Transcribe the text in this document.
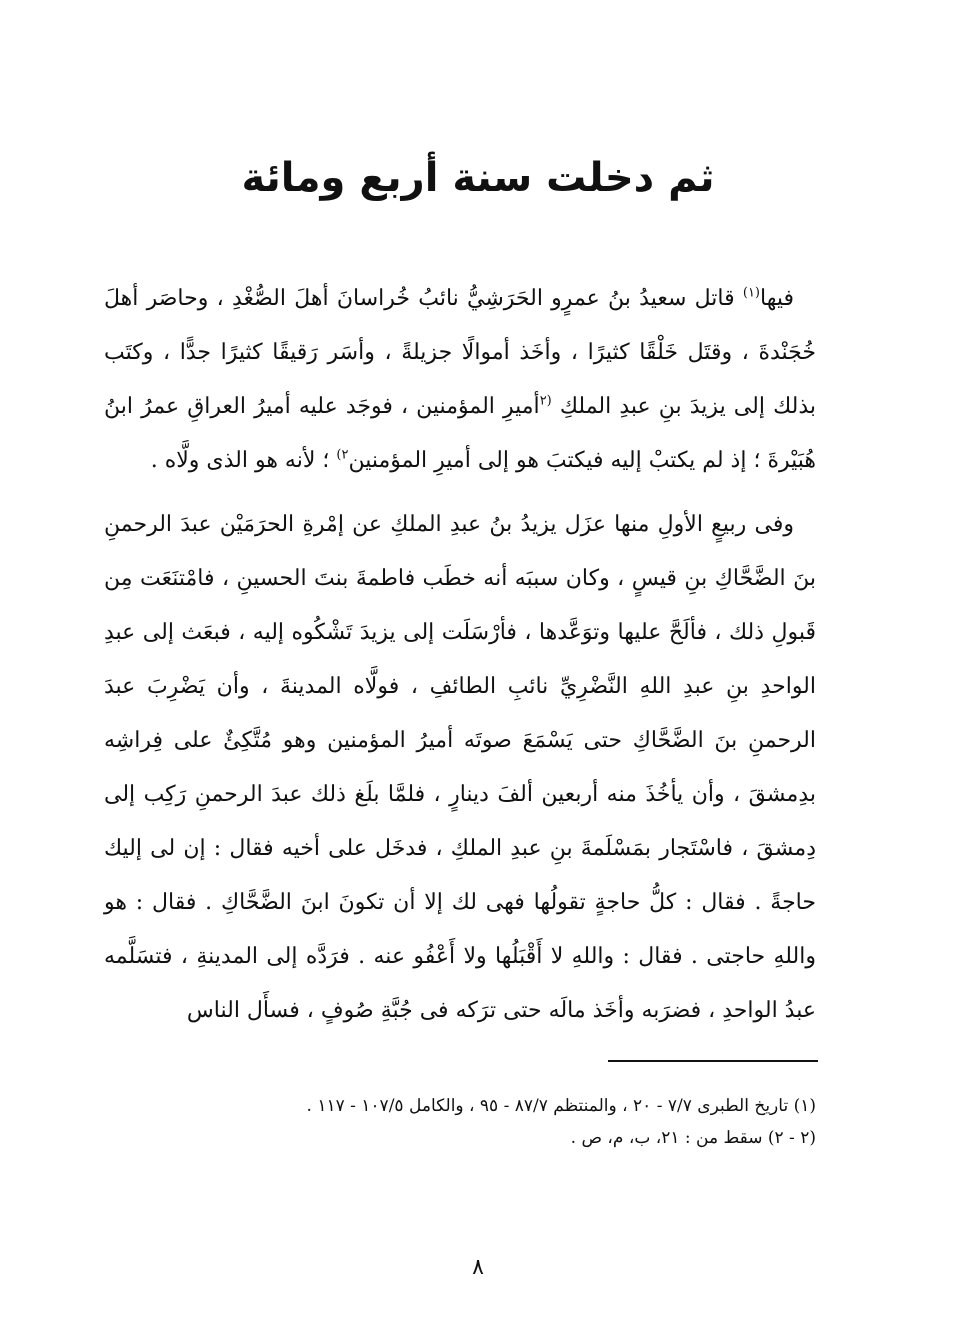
ثم دخلت سنة أربع ومائة

فيها$^{(١)}$ قاتل سعيدُ بنُ عمرٍو الحَرَشِيُّ نائبُ خُراسانَ أهلَ الصُّغْدِ ، وحاصَر أهلَ خُجَنْدةَ ، وقتَل خَلْقًا كثيرًا ، وأخَذ أموالًا جزيلةً ، وأسَر رَقيقًا كثيرًا جدًّا ، وكتَب بذلك إلى يزيدَ بنِ عبدِ الملكِ $^{(٢}$أميرِ المؤمنين ، فوجَد عليه أميرُ العراقِ عمرُ ابنُ هُبَيْرةَ ؛ إذ لم يكتبْ إليه فيكتبَ هو إلى أميرِ المؤمنين$^{٢)}$ ؛ لأنه هو الذى ولَّاه .

وفى ربيعٍ الأولِ منها عزَل يزيدُ بنُ عبدِ الملكِ عن إمْرةِ الحرَمَيْن عبدَ الرحمنِ بنَ الضَّحَّاكِ بنِ قيسٍ ، وكان سببَه أنه خطَب فاطمةَ بنتَ الحسينِ ، فامْتنَعَت مِن قَبولِ ذلك ، فألَحَّ عليها وتوَعَّدها ، فأرْسَلَت إلى يزيدَ تَشْكُوه إليه ، فبعَث إلى عبدِ الواحدِ بنِ عبدِ اللهِ النَّضْرِيِّ نائبِ الطائفِ ، فولَّاه المدينةَ ، وأن يَضْرِبَ عبدَ الرحمنِ بنَ الضَّحَّاكِ حتى يَسْمَعَ صوتَه أميرُ المؤمنين وهو مُتَّكِئٌ على فِراشِه بدِمشقَ ، وأن يأخُذَ منه أربعين ألفَ دينارٍ ، فلمَّا بلَغ ذلك عبدَ الرحمنِ رَكِب إلى دِمشقَ ، فاسْتَجار بمَسْلَمةَ بنِ عبدِ الملكِ ، فدخَل على أخيه فقال : إن لى إليك حاجةً . فقال : كلُّ حاجةٍ تقولُها فهى لك إلا أن تكونَ ابنَ الضَّحَّاكِ . فقال : هو واللهِ حاجتى . فقال : واللهِ لا أَقْبَلُها ولا أَعْفُو عنه . فرَدَّه إلى المدينةِ ، فتسَلَّمه عبدُ الواحدِ ، فضرَبه وأخَذ مالَه حتى ترَكه فى جُبَّةِ صُوفٍ ، فسأَل الناس

(١) تاريخ الطبرى ٧/٧ - ٢٠ ، والمنتظم ٨٧/٧ - ٩٥ ، والكامل ١٠٧/٥ - ١١٧ .
(٢ - ٢) سقط من : ٢١، ب، م، ص .
٨
